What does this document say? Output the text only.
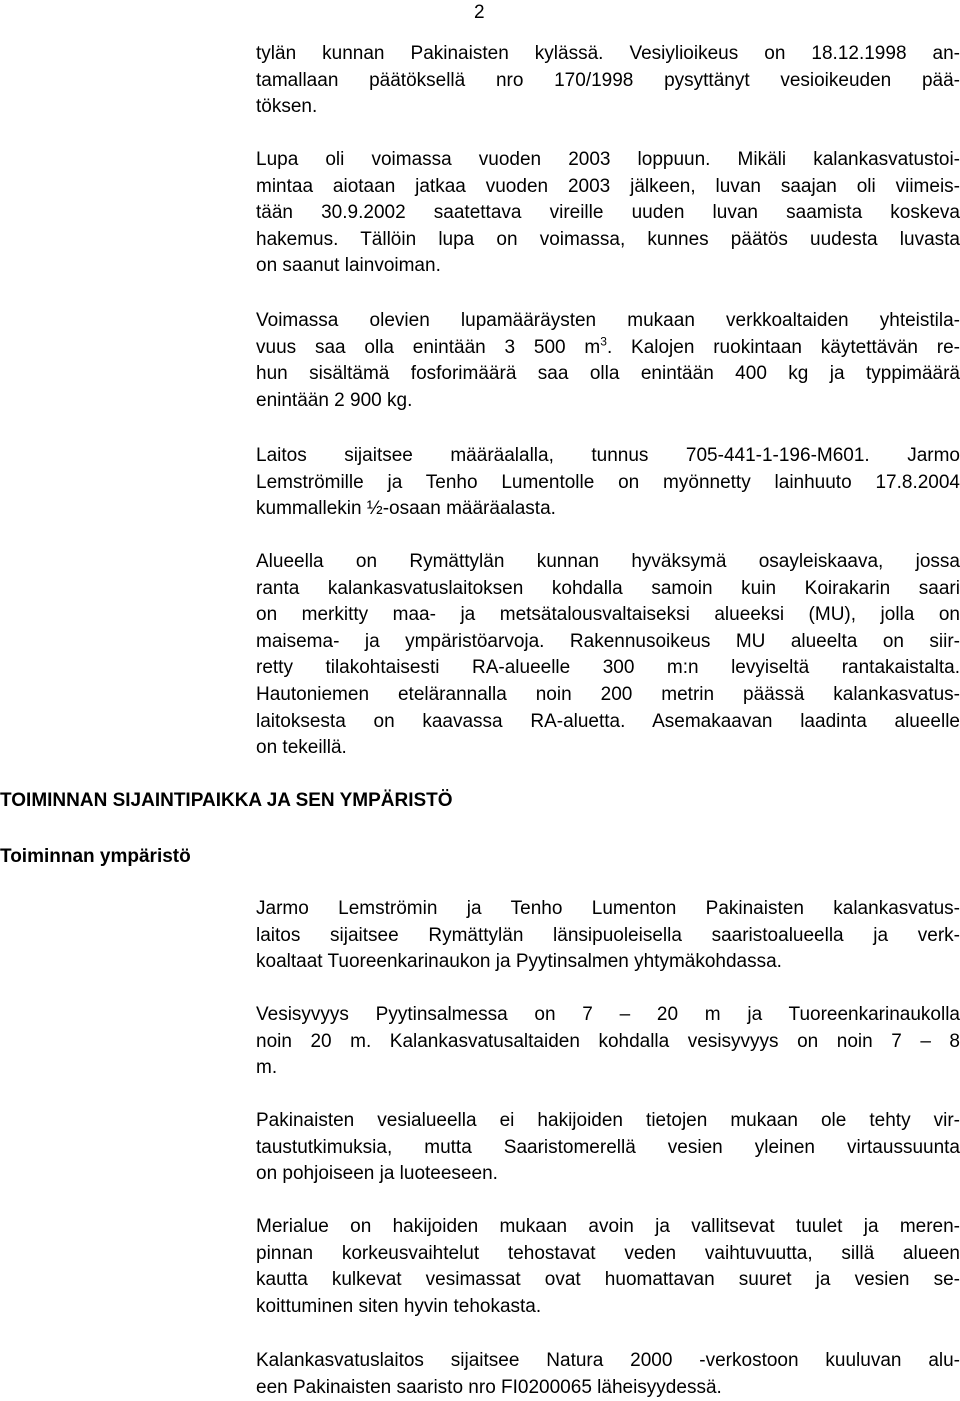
2
tylän kunnan Pakinaisten kylässä. Vesiylioikeus on 18.12.1998 an-
tamallaan päätöksellä nro 170/1998 pysyttänyt vesioikeuden pää-
töksen.
Lupa oli voimassa vuoden 2003 loppuun. Mikäli kalankasvatustoi-
mintaa aiotaan jatkaa vuoden 2003 jälkeen, luvan saajan oli viimeis-
tään 30.9.2002 saatettava vireille uuden luvan saamista koskeva
hakemus. Tällöin lupa on voimassa, kunnes päätös uudesta luvasta
on saanut lainvoiman.
Voimassa olevien lupamääräysten mukaan verkkoaltaiden yhteistila-
vuus saa olla enintään 3 500 $m^3$. Kalojen ruokintaan käytettävän re-
hun sisältämä fosforimäärä saa olla enintään 400 kg ja typpimäärä
enintään 2 900 kg.
Laitos sijaitsee määräalalla, tunnus 705-441-1-196-M601. Jarmo
Lemströmille ja Tenho Lumentolle on myönnetty lainhuuto 17.8.2004
kummallekin ½-osaan määräalasta.
Alueella on Rymättylän kunnan hyväksymä osayleiskaava, jossa
ranta kalankasvatuslaitoksen kohdalla samoin kuin Koirakarin saari
on merkitty maa- ja metsätalousvaltaiseksi alueeksi (MU), jolla on
maisema- ja ympäristöarvoja. Rakennusoikeus MU alueelta on siir-
retty tilakohtaisesti RA-alueelle 300 m:n levyiseltä rantakaistalta.
Hautoniemen etelärannalla noin 200 metrin päässä kalankasvatus-
laitoksesta on kaavassa RA-aluetta. Asemakaavan laadinta alueelle
on tekeillä.
TOIMINNAN SIJAINTIPAIKKA JA SEN YMPÄRISTÖ
Toiminnan ympäristö
Jarmo Lemströmin ja Tenho Lumenton Pakinaisten kalankasvatus-
laitos sijaitsee Rymättylän länsipuoleisella saaristoalueella ja verk-
koaltaat Tuoreenkarinaukon ja Pyytinsalmen yhtymäkohdassa.
Vesisyvyys Pyytinsalmessa on 7 – 20 m ja Tuoreenkarinaukolla
noin 20 m. Kalankasvatusaltaiden kohdalla vesisyvyys on noin 7 – 8
m.
Pakinaisten vesialueella ei hakijoiden tietojen mukaan ole tehty vir-
taustutkimuksia, mutta Saaristomerellä vesien yleinen virtaussuunta
on pohjoiseen ja luoteeseen.
Merialue on hakijoiden mukaan avoin ja vallitsevat tuulet ja meren-
pinnan korkeusvaihtelut tehostavat veden vaihtuvuutta, sillä alueen
kautta kulkevat vesimassat ovat huomattavan suuret ja vesien se-
koittuminen siten hyvin tehokasta.
Kalankasvatuslaitos sijaitsee Natura 2000 -verkostoon kuuluvan alu-
een Pakinaisten saaristo nro FI0200065 läheisyydessä.
